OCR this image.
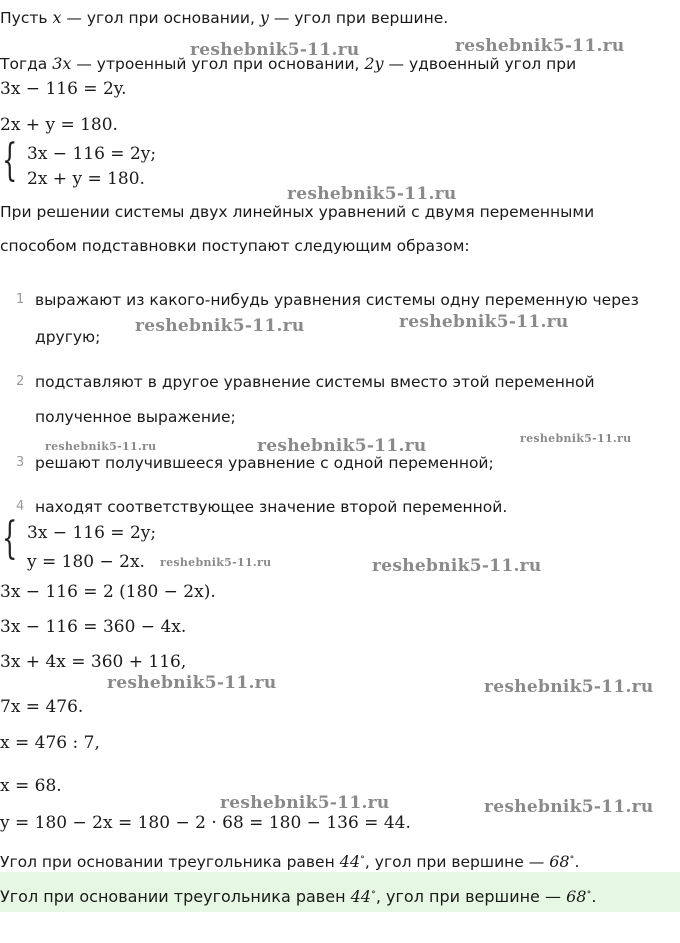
Пусть x — угол при основании, y — угол при вершине.
Тогда 3x — утроенный угол при основании, 2y — удвоенный угол при
3x − 116 = 2y.
2x + y = 180.
{ 3x − 116 = 2y;
2x + y = 180.
При решении системы двух линейных уравнений с двумя переменными
способом подставновки поступают следующим образом:
1 выражают из какого-нибудь уравнения системы одну переменную через
другую;
2 подставляют в другое уравнение системы вместо этой переменной
полученное выражение;
3 решают получившееся уравнение с одной переменной;
4 находят соответствующее значение второй переменной.
{ 3x − 116 = 2y;
y = 180 − 2x.
3x − 116 = 2 (180 − 2x).
3x − 116 = 360 − 4x.
3x + 4x = 360 + 116,
7x = 476.
x = 476 : 7,
x = 68.
y = 180 − 2x = 180 − 2 · 68 = 180 − 136 = 44.
Угол при основании треугольника равен 44∘, угол при вершине — 68∘.
Угол при основании треугольника равен 44∘, угол при вершине — 68∘.
reshebnik5-11.ru	reshebnik5-11.ru
reshebnik5-11.ru
reshebnik5-11.ru	reshebnik5-11.ru
reshebnik5-11.ru	reshebnik5-11.ru	reshebnik5-11.ru
reshebnik5-11.ru	reshebnik5-11.ru
reshebnik5-11.ru	reshebnik5-11.ru
reshebnik5-11.ru	reshebnik5-11.ru
